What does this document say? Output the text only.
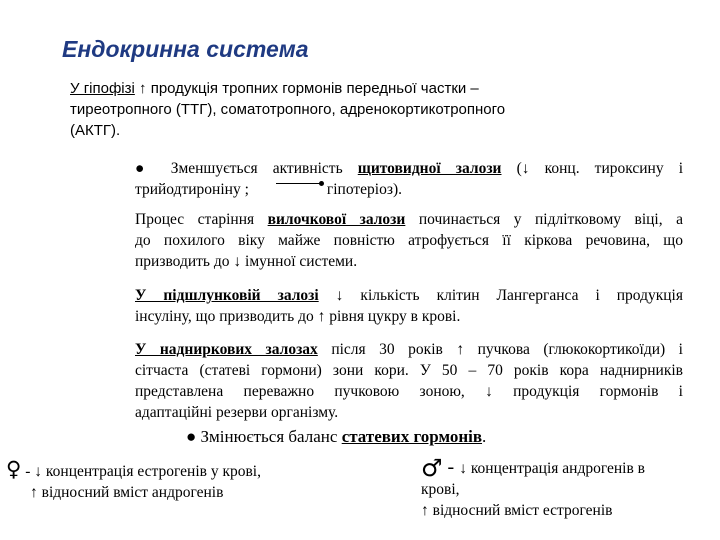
Ендокринна система
У гіпофізі ↑ продукція тропних гормонів передньої частки –
тиреотропного (ТТГ), соматотропного, адренокортикотропного
(АКТГ).
● Зменшується активність щитовидної залози (↓ конц. тироксину і
трийодтироніну ;	гіпотеріоз).
Процес старіння вилочкової залози починається у підлітковому віці, а
до похилого віку майже повністю атрофується її кіркова речовина, що
призводить до ↓ імунної системи.
У підшлунковій залозі ↓ кількість клітин Лангерганса і продукція
інсуліну, що призводить до ↑ рівня цукру в крові.
У надниркових залозах після 30 років ↑ пучкова (глюкокортикоїди) і
сітчаста (статеві гормони) зони кори. У 50 – 70 років кора наднирників
представлена переважно пучковою зоною, ↓ продукція гормонів і
адаптаційні резерви організму.
● Змінюється баланс статевих гормонів.
♀ - ↓ концентрація естрогенів у крові,
↑ відносний вміст андрогенів
♂ - ↓ концентрація андрогенів в
крові,
↑ відносний вміст естрогенів
